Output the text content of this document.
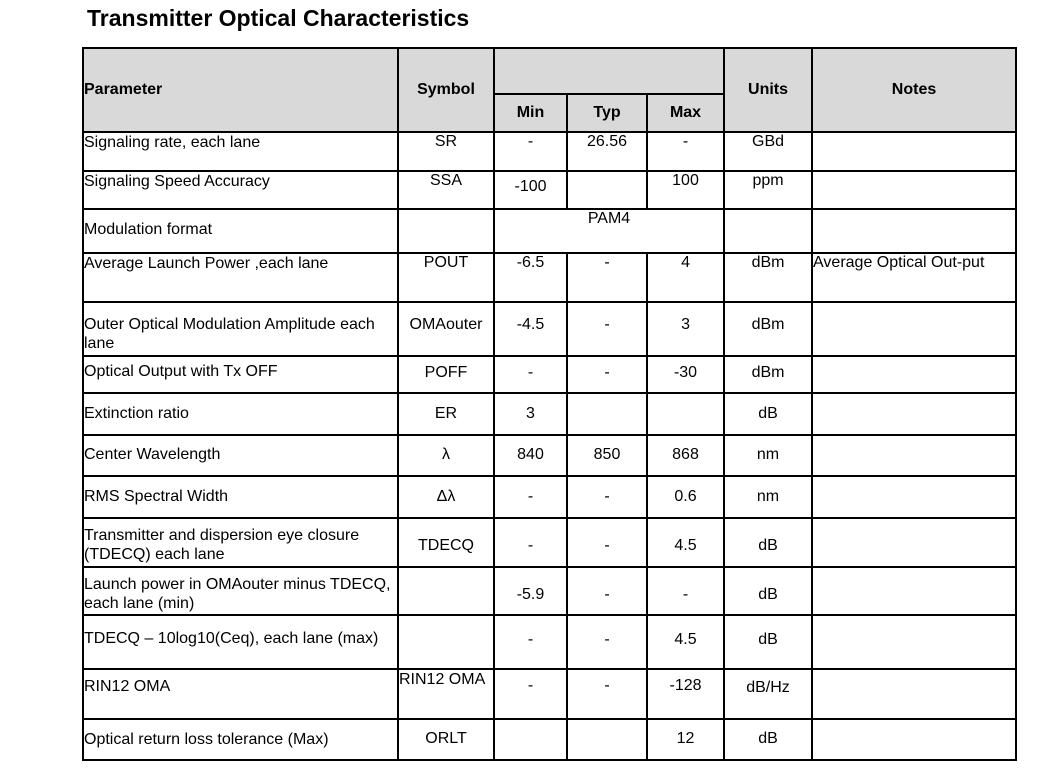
Transmitter Optical Characteristics
Parameter	Symbol				Units	Notes
		Min	Typ	Max		
Signaling rate, each lane	SR	-	26.56	-	GBd	
Signaling Speed Accuracy	SSA	-100		100	ppm	
Modulation format		PAM4				
Average Launch Power ,each lane	POUT	-6.5	-	4	dBm	Average Optical Out-put
Outer Optical Modulation Amplitude each lane	OMAouter	-4.5	-	3	dBm	
Optical Output with Tx OFF	POFF	-	-	-30	dBm	
Extinction ratio	ER	3			dB	
Center Wavelength	λ	840	850	868	nm	
RMS Spectral Width	Δλ	-	-	0.6	nm	
Transmitter and dispersion eye closure (TDECQ) each lane	TDECQ	-	-	4.5	dB	
Launch power in OMAouter minus TDECQ, each lane (min)		-5.9	-	-	dB	
TDECQ – 10log10(Ceq), each lane (max)		-	-	4.5	dB	
RIN12 OMA	RIN12 OMA	-	-	-128	dB/Hz	
Optical return loss tolerance (Max)	ORLT			12	dB	
